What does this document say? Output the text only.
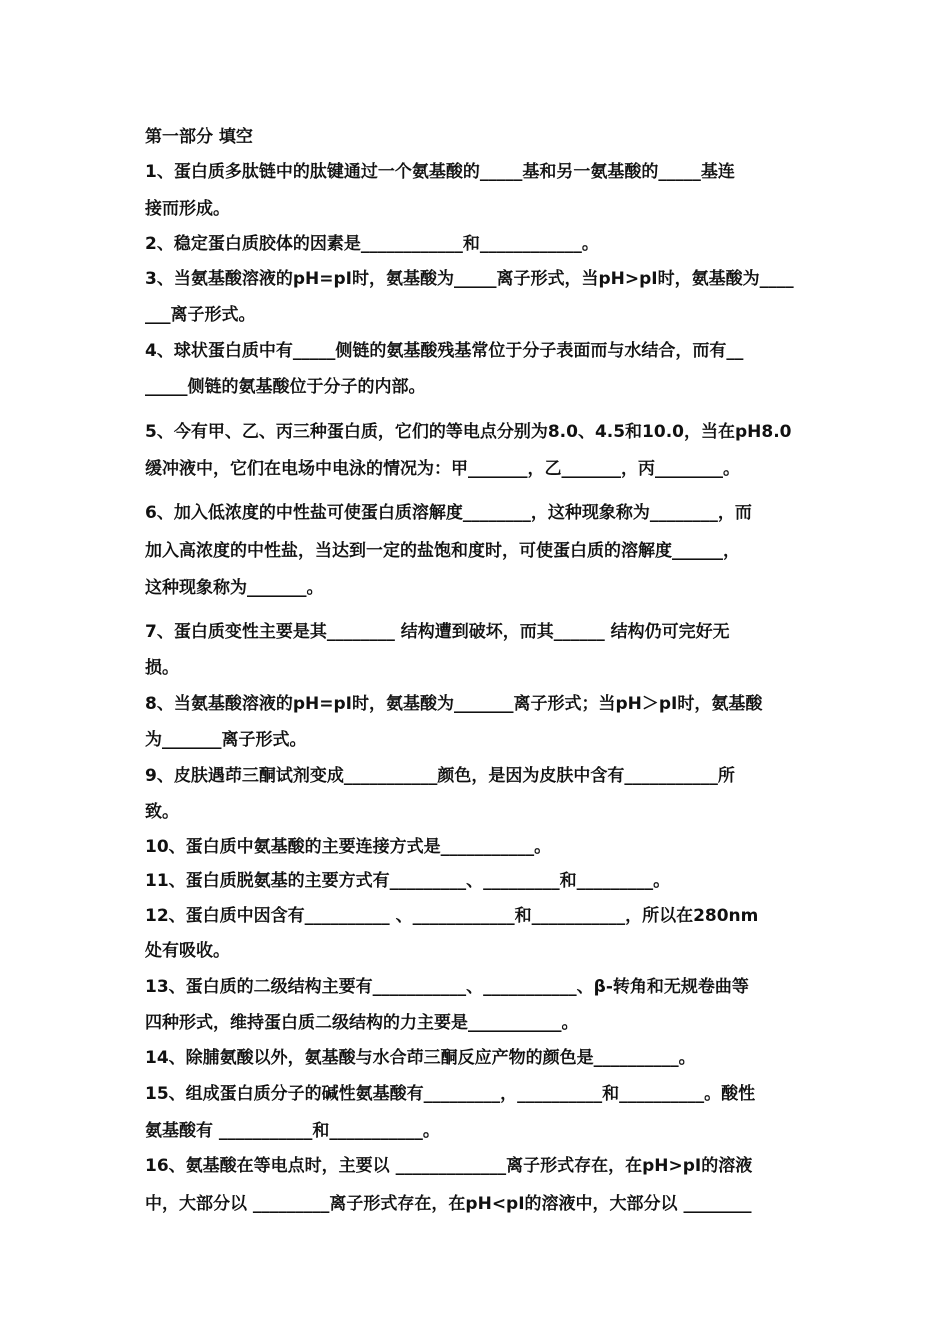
第一部分 填空
1、蛋白质多肽链中的肽键通过一个氨基酸的_____基和另一氨基酸的_____基连
接而形成。
2、稳定蛋白质胶体的因素是____________和____________。
3、当氨基酸溶液的pH=pI时，氨基酸为_____离子形式，当pH>pI时，氨基酸为____
___离子形式。
4、球状蛋白质中有_____侧链的氨基酸残基常位于分子表面而与水结合，而有__
_____侧链的氨基酸位于分子的内部。
5、今有甲、乙、丙三种蛋白质，它们的等电点分别为8.0、4.5和10.0，当在pH8.0
缓冲液中，它们在电场中电泳的情况为：甲_______，乙_______，丙________。
6、加入低浓度的中性盐可使蛋白质溶解度________，这种现象称为________，而
加入高浓度的中性盐，当达到一定的盐饱和度时，可使蛋白质的溶解度______，
这种现象称为_______。
7、蛋白质变性主要是其________ 结构遭到破坏，而其______ 结构仍可完好无
损。
8、当氨基酸溶液的pH=pI时，氨基酸为_______离子形式；当pH＞pI时，氨基酸
为_______离子形式。
9、皮肤遇茚三酮试剂变成___________颜色，是因为皮肤中含有___________所
致。
10、蛋白质中氨基酸的主要连接方式是___________。
11、蛋白质脱氨基的主要方式有_________、_________和_________。
12、蛋白质中因含有__________ 、____________和___________，所以在280nm
处有吸收。
13、蛋白质的二级结构主要有___________、___________、β-转角和无规卷曲等
四种形式，维持蛋白质二级结构的力主要是___________。
14、除脯氨酸以外，氨基酸与水合茚三酮反应产物的颜色是__________。
15、组成蛋白质分子的碱性氨基酸有_________，__________和__________。酸性
氨基酸有 ___________和___________。
16、氨基酸在等电点时，主要以 _____________离子形式存在，在pH>pI的溶液
中，大部分以 _________离子形式存在，在pH<pI的溶液中，大部分以 ________
